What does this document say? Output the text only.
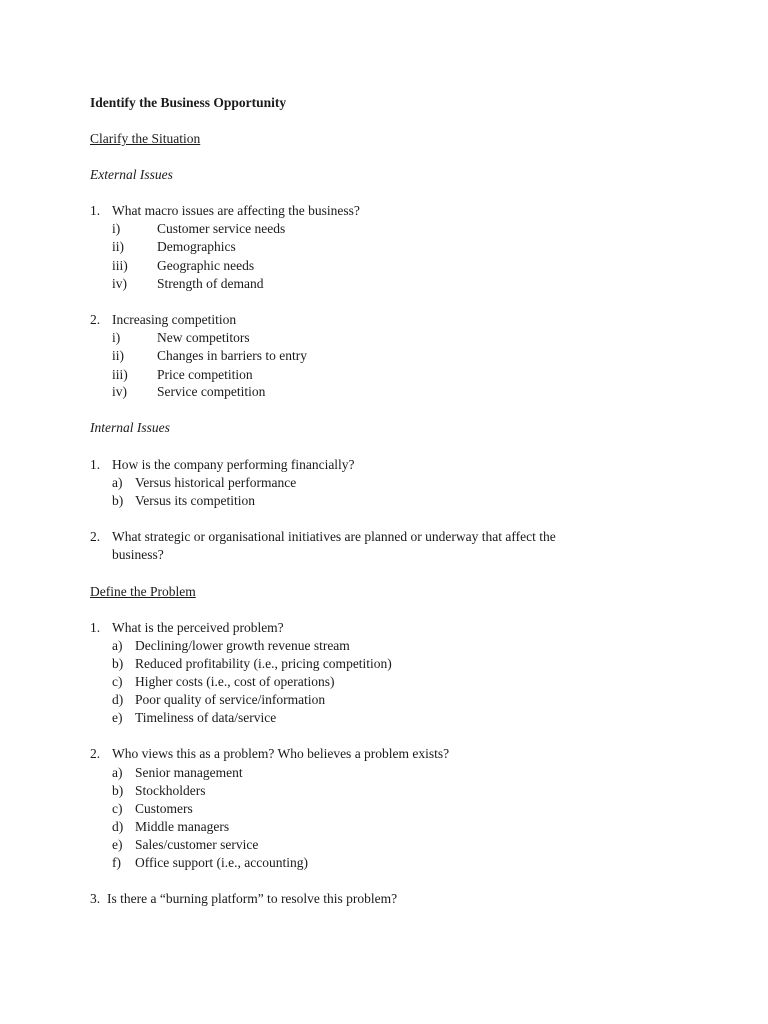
Identify the Business Opportunity
Clarify the Situation
External Issues
1. What macro issues are affecting the business?
i)	Customer service needs
ii) Demographics
iii) Geographic needs
iv) Strength of demand
2. Increasing competition
i)	New competitors
ii) Changes in barriers to entry
iii) Price competition
iv) Service competition
Internal Issues
1. How is the company performing financially?
a) Versus historical performance
b) Versus its competition
2. What strategic or organisational initiatives are planned or underway that affect the
business?
Define the Problem
1. What is the perceived problem?
a) Declining/lower growth revenue stream
b) Reduced profitability (i.e., pricing competition)
c) Higher costs (i.e., cost of operations)
d) Poor quality of service/information
e) Timeliness of data/service
2. Who views this as a problem? Who believes a problem exists?
a) Senior management
b) Stockholders
c) Customers
d) Middle managers
e) Sales/customer service
f) Office support (i.e., accounting)
3. Is there a “burning platform” to resolve this problem?
